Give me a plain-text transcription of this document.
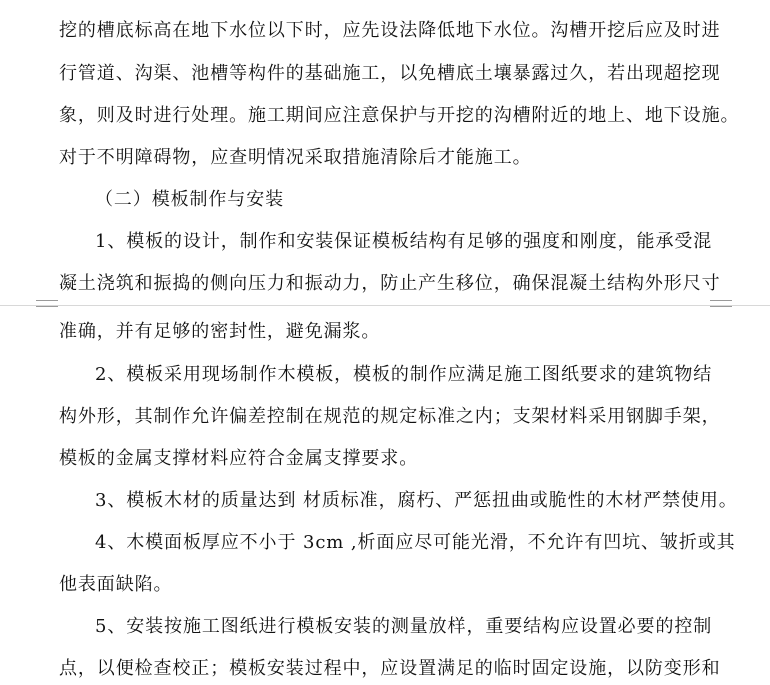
挖的槽底标高在地下水位以下时，应先设法降低地下水位。沟槽开挖后应及时进
行管道、沟渠、池槽等构件的基础施工，以免槽底土壤暴露过久，若出现超挖现
象，则及时进行处理。施工期间应注意保护与开挖的沟槽附近的地上、地下设施。
对于不明障碍物，应查明情况采取措施清除后才能施工。
（二）模板制作与安装
1、模板的设计，制作和安装保证模板结构有足够的强度和刚度，能承受混
凝土浇筑和振捣的侧向压力和振动力，防止产生移位，确保混凝土结构外形尺寸
准确，并有足够的密封性，避免漏浆。
2、模板采用现场制作木模板，模板的制作应满足施工图纸要求的建筑物结
构外形，其制作允许偏差控制在规范的规定标准之内；支架材料采用钢脚手架，
模板的金属支撑材料应符合金属支撑要求。
3、模板木材的质量达到 材质标准，腐朽、严惩扭曲或脆性的木材严禁使用。
4、木模面板厚应不小于 3cm ,析面应尽可能光滑，不允许有凹坑、皱折或其
他表面缺陷。
5、安装按施工图纸进行模板安装的测量放样，重要结构应设置必要的控制
点，以便检查校正；模板安装过程中，应设置满足的临时固定设施，以防变形和
